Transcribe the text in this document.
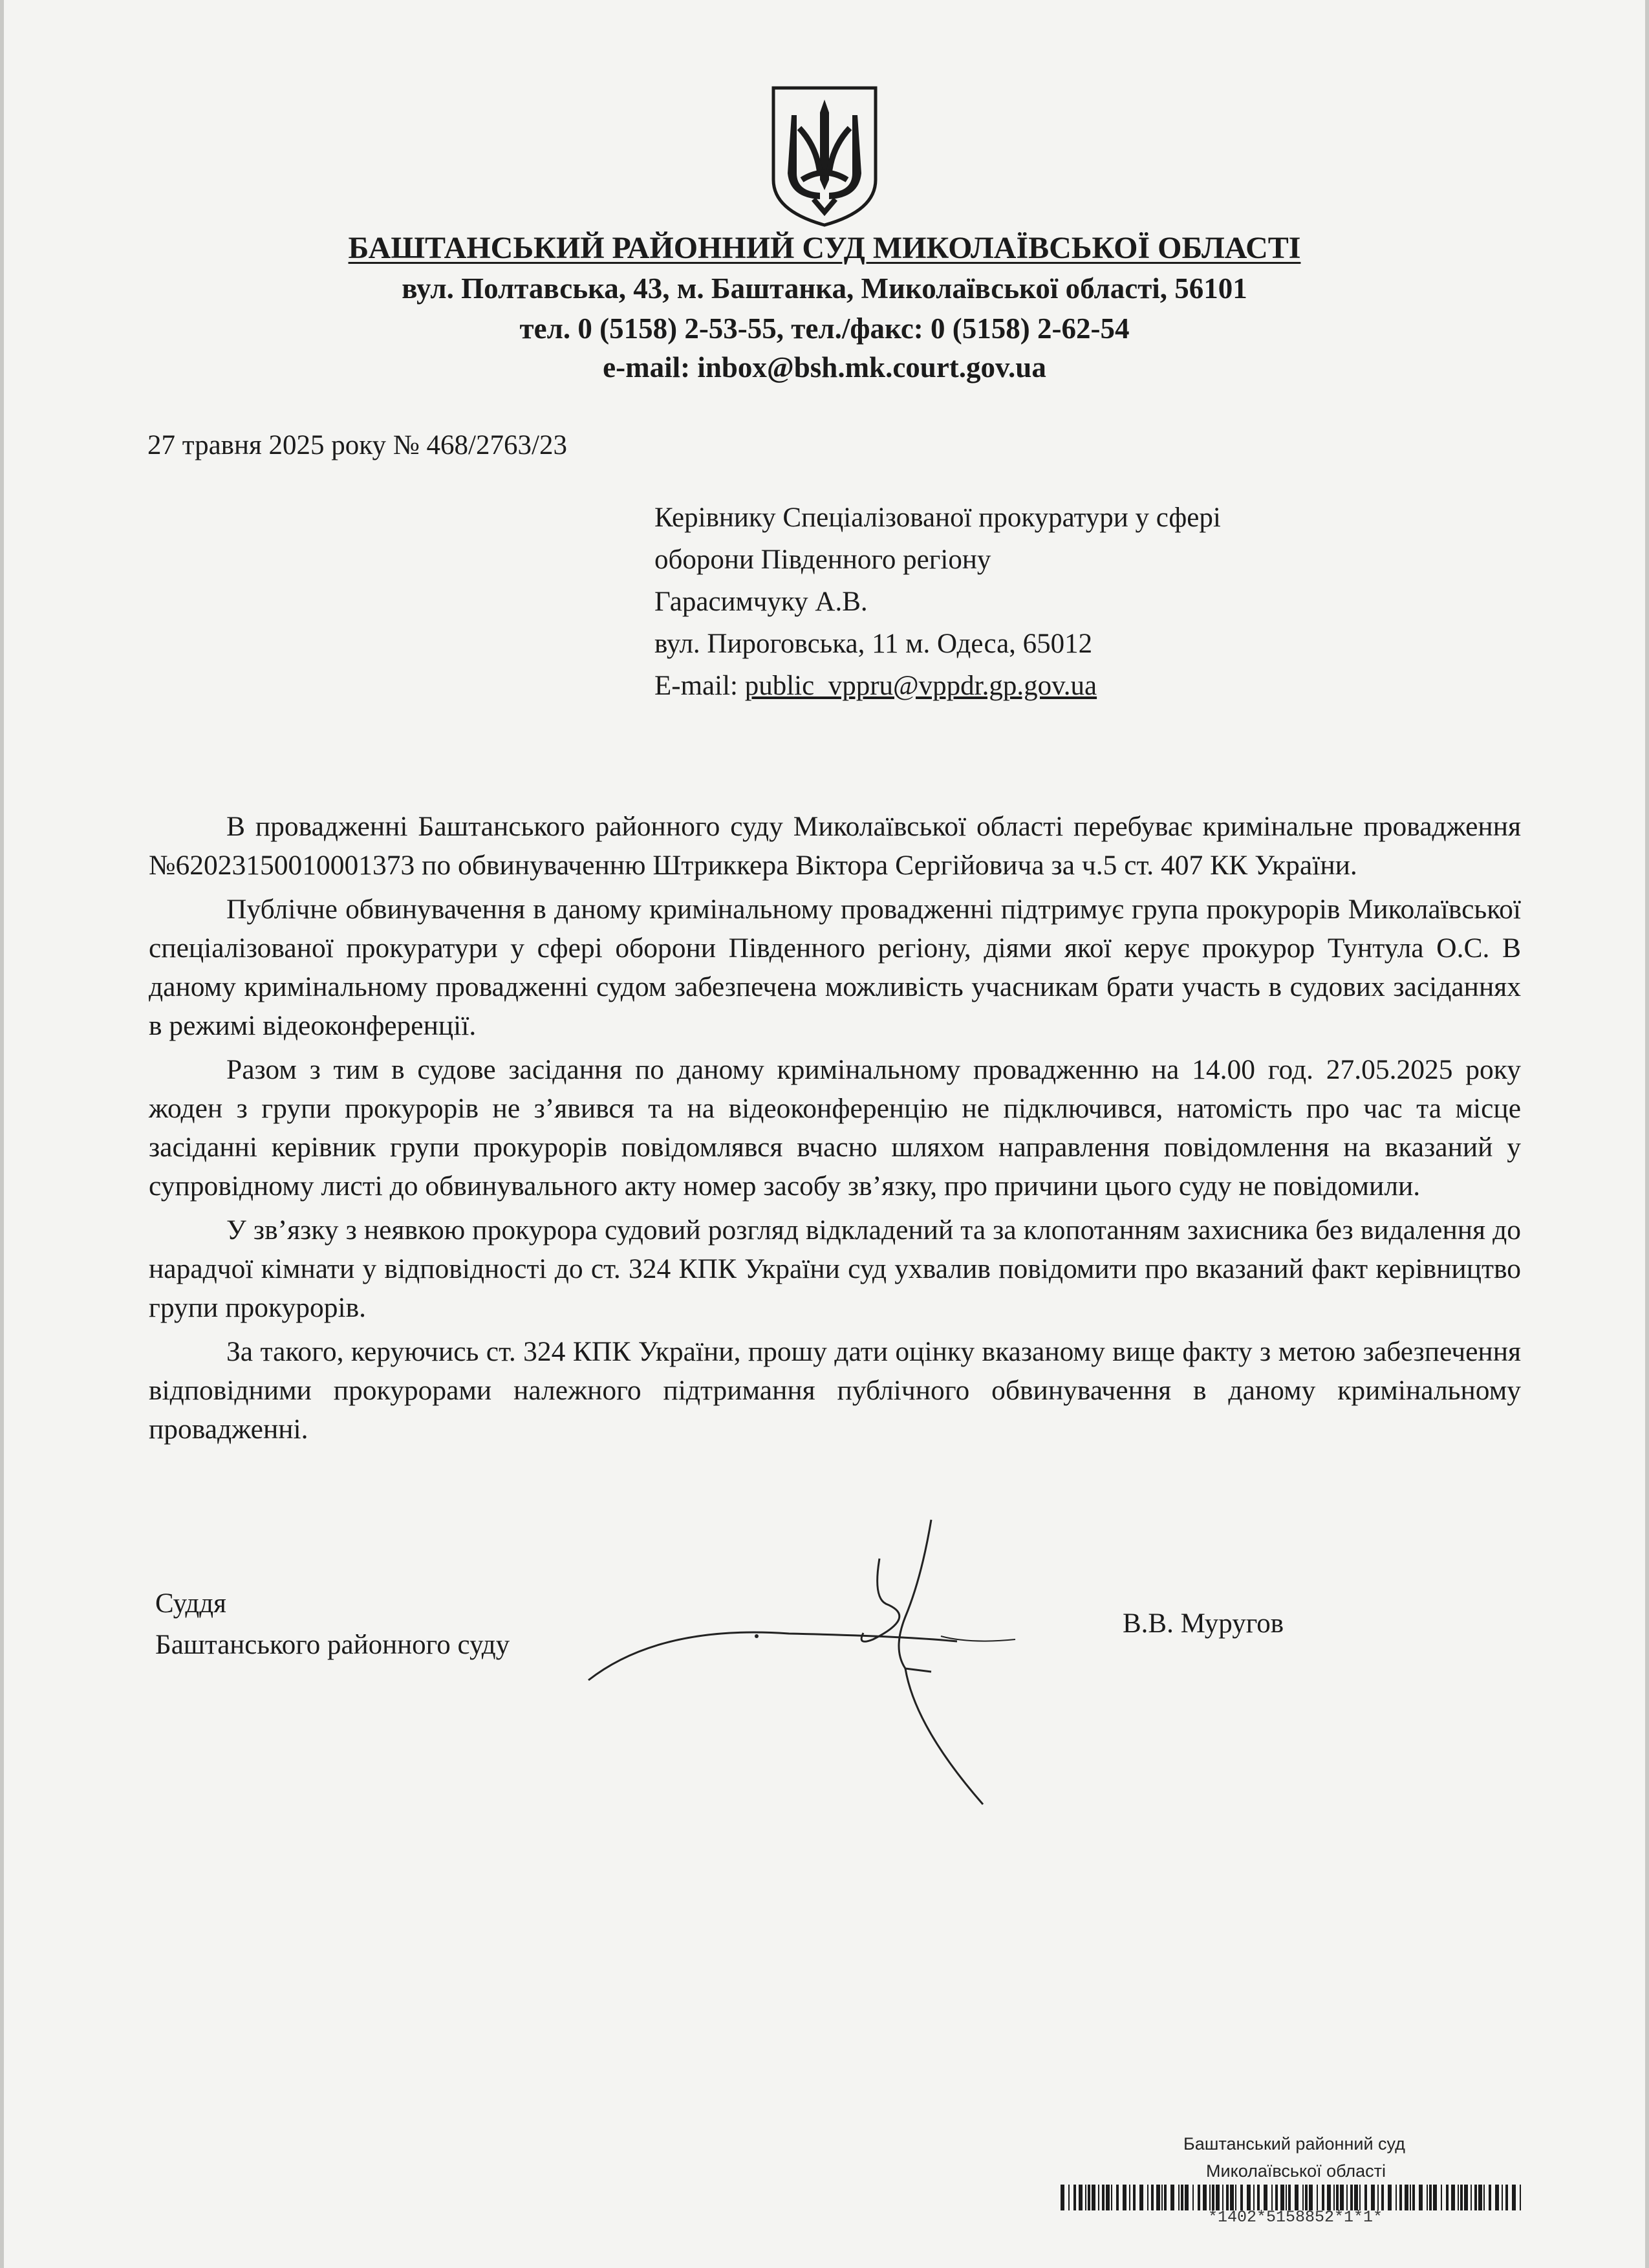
БАШТАНСЬКИЙ РАЙОННИЙ СУД МИКОЛАЇВСЬКОЇ ОБЛАСТІ
вул. Полтавська, 43, м. Баштанка, Миколаївської області, 56101
тел. 0 (5158) 2-53-55, тел./факс: 0 (5158) 2-62-54
e-mail: inbox@bsh.mk.court.gov.ua
27 травня 2025 року № 468/2763/23
Керівнику Спеціалізованої прокуратури у сфері
оборони Південного регіону
Гарасимчуку А.В.
вул. Пироговська, 11 м. Одеса, 65012
E-mail: public_vppru@vppdr.gp.gov.ua

В провадженні Баштанського районного суду Миколаївської області перебуває кримінальне провадження №62023150010001373 по обвинуваченню Штриккера Віктора Сергійовича за ч.5 ст. 407 КК України.

Публічне обвинувачення в даному кримінальному провадженні підтримує група прокурорів Миколаївської спеціалізованої прокуратури у сфері оборони Південного регіону, діями якої керує прокурор Тунтула О.С. В даному кримінальному провадженні судом забезпечена можливість учасникам брати участь в судових засіданнях в режимі відеоконференції.

Разом з тим в судове засідання по даному кримінальному провадженню на 14.00 год. 27.05.2025 року жоден з групи прокурорів не з’явився та на відеоконференцію не підключився, натомість про час та місце засіданні керівник групи прокурорів повідомлявся вчасно шляхом направлення повідомлення на вказаний у супровідному листі до обвинувального акту номер засобу зв’язку, про причини цього суду не повідомили.

У зв’язку з неявкою прокурора судовий розгляд відкладений та за клопотанням захисника без видалення до нарадчої кімнати у відповідності до ст. 324 КПК України суд ухвалив повідомити про вказаний факт керівництво групи прокурорів.

За такого, керуючись ст. 324 КПК України, прошу дати оцінку вказаному вище факту з метою забезпечення відповідними прокурорами належного підтримання публічного обвинувачення в даному кримінальному провадженні.

Суддя
Баштанського районного суду
В.В. Муругов
Баштанський районний суд
Миколаївської області
*1402*5158852*1*1*
